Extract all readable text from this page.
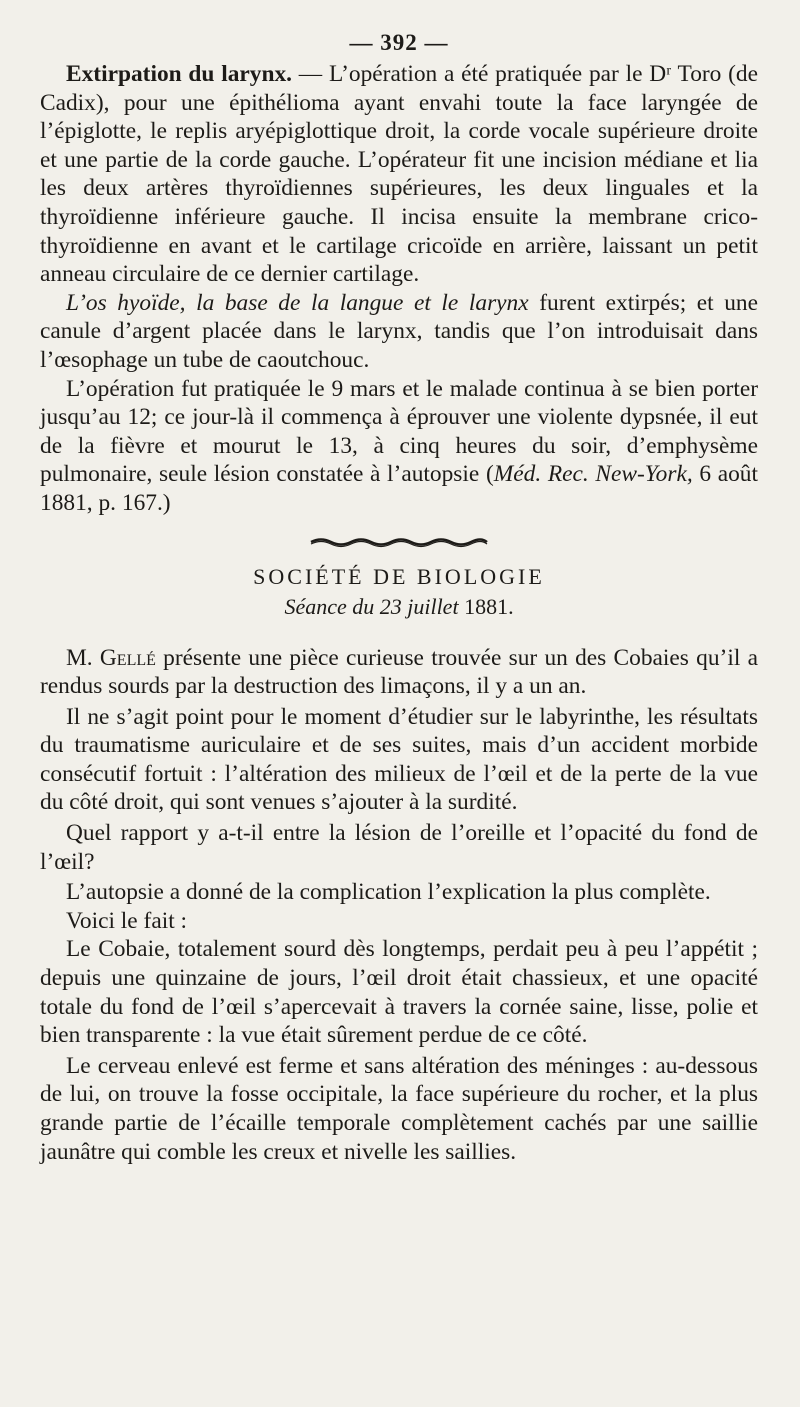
— 392 —

Extirpation du larynx. — L’opération a été pratiquée par le Dʳ Toro (de Cadix), pour une épithélioma ayant envahi toute la face laryngée de l’épiglotte, le replis aryépiglottique droit, la corde vocale supérieure droite et une partie de la corde gauche. L’opérateur fit une incision médiane et lia les deux artères thyroïdiennes supérieures, les deux linguales et la thyroïdienne inférieure gauche. Il incisa ensuite la membrane crico-thyroïdienne en avant et le cartilage cricoïde en arrière, laissant un petit anneau circulaire de ce dernier cartilage.

L’os hyoïde, la base de la langue et le larynx furent extirpés; et une canule d’argent placée dans le larynx, tandis que l’on introduisait dans l’œsophage un tube de caoutchouc.

L’opération fut pratiquée le 9 mars et le malade continua à se bien porter jusqu’au 12; ce jour-là il commença à éprouver une violente dypsnée, il eut de la fièvre et mourut le 13, à cinq heures du soir, d’emphysème pulmonaire, seule lésion constatée à l’autopsie (Méd. Rec. New-York, 6 août 1881, p. 167.)

SOCIÉTÉ DE BIOLOGIE
Séance du 23 juillet 1881.

M. Gellé présente une pièce curieuse trouvée sur un des Cobaies qu’il a rendus sourds par la destruction des limaçons, il y a un an.

Il ne s’agit point pour le moment d’étudier sur le labyrinthe, les résultats du traumatisme auriculaire et de ses suites, mais d’un accident morbide consécutif fortuit : l’altération des milieux de l’œil et de la perte de la vue du côté droit, qui sont venues s’ajouter à la surdité.

Quel rapport y a-t-il entre la lésion de l’oreille et l’opacité du fond de l’œil?

L’autopsie a donné de la complication l’explication la plus complète.

Voici le fait :

Le Cobaie, totalement sourd dès longtemps, perdait peu à peu l’appétit ; depuis une quinzaine de jours, l’œil droit était chassieux, et une opacité totale du fond de l’œil s’apercevait à travers la cornée saine, lisse, polie et bien transparente : la vue était sûrement perdue de ce côté.

Le cerveau enlevé est ferme et sans altération des méninges : au-dessous de lui, on trouve la fosse occipitale, la face supérieure du rocher, et la plus grande partie de l’écaille temporale complètement cachés par une saillie jaunâtre qui comble les creux et nivelle les saillies.
